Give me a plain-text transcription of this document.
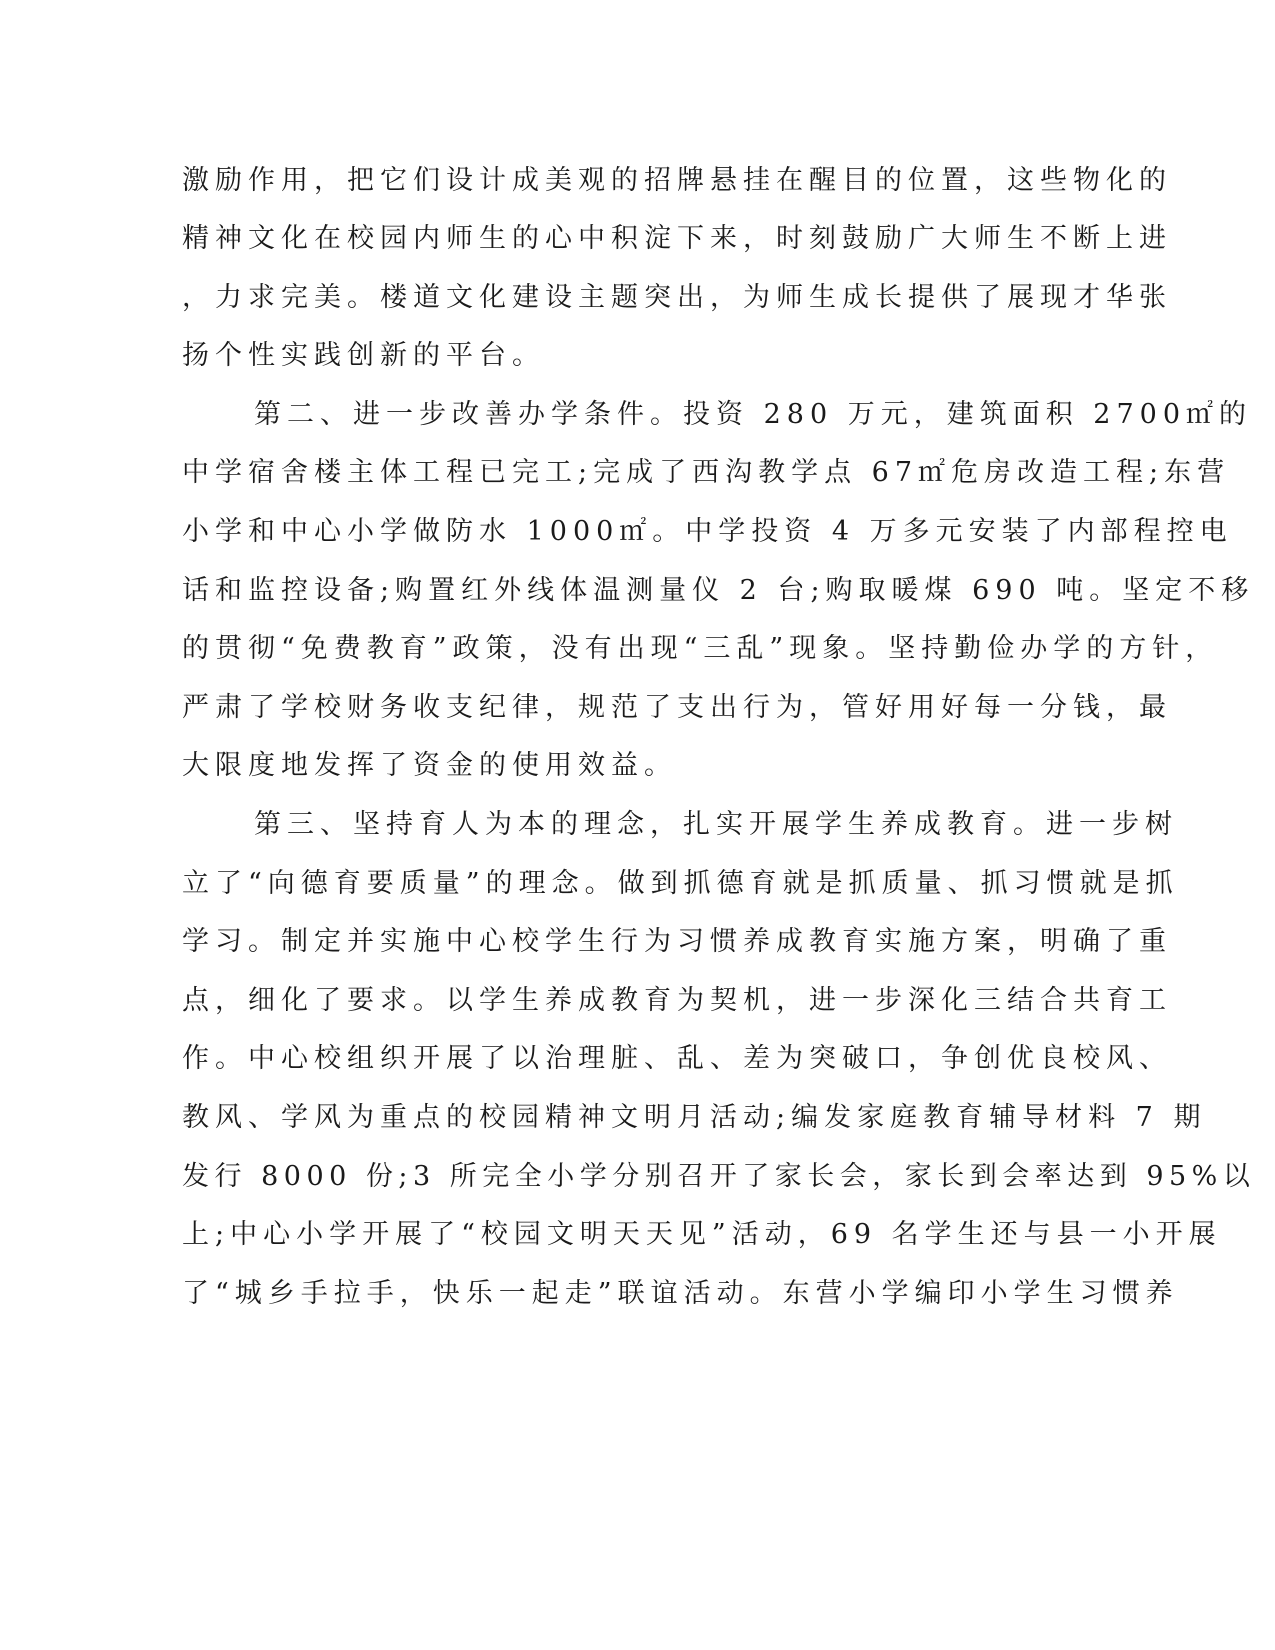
激励作用，把它们设计成美观的招牌悬挂在醒目的位置，这些物化的
精神文化在校园内师生的心中积淀下来，时刻鼓励广大师生不断上进
，力求完美。楼道文化建设主题突出，为师生成长提供了展现才华张
扬个性实践创新的平台。
第二、进一步改善办学条件。投资 280 万元，建筑面积 2700㎡的
中学宿舍楼主体工程已完工;完成了西沟教学点 67㎡危房改造工程;东营
小学和中心小学做防水 1000㎡。中学投资 4 万多元安装了内部程控电
话和监控设备;购置红外线体温测量仪 2 台;购取暖煤 690 吨。坚定不移
的贯彻“免费教育”政策，没有出现“三乱”现象。坚持勤俭办学的方针，
严肃了学校财务收支纪律，规范了支出行为，管好用好每一分钱，最
大限度地发挥了资金的使用效益。
第三、坚持育人为本的理念，扎实开展学生养成教育。进一步树
立了“向德育要质量”的理念。做到抓德育就是抓质量、抓习惯就是抓
学习。制定并实施中心校学生行为习惯养成教育实施方案，明确了重
点，细化了要求。以学生养成教育为契机，进一步深化三结合共育工
作。中心校组织开展了以治理脏、乱、差为突破口，争创优良校风、
教风、学风为重点的校园精神文明月活动;编发家庭教育辅导材料 7 期
发行 8000 份;3 所完全小学分别召开了家长会，家长到会率达到 95%以
上;中心小学开展了“校园文明天天见”活动，69 名学生还与县一小开展
了“城乡手拉手，快乐一起走”联谊活动。东营小学编印小学生习惯养
